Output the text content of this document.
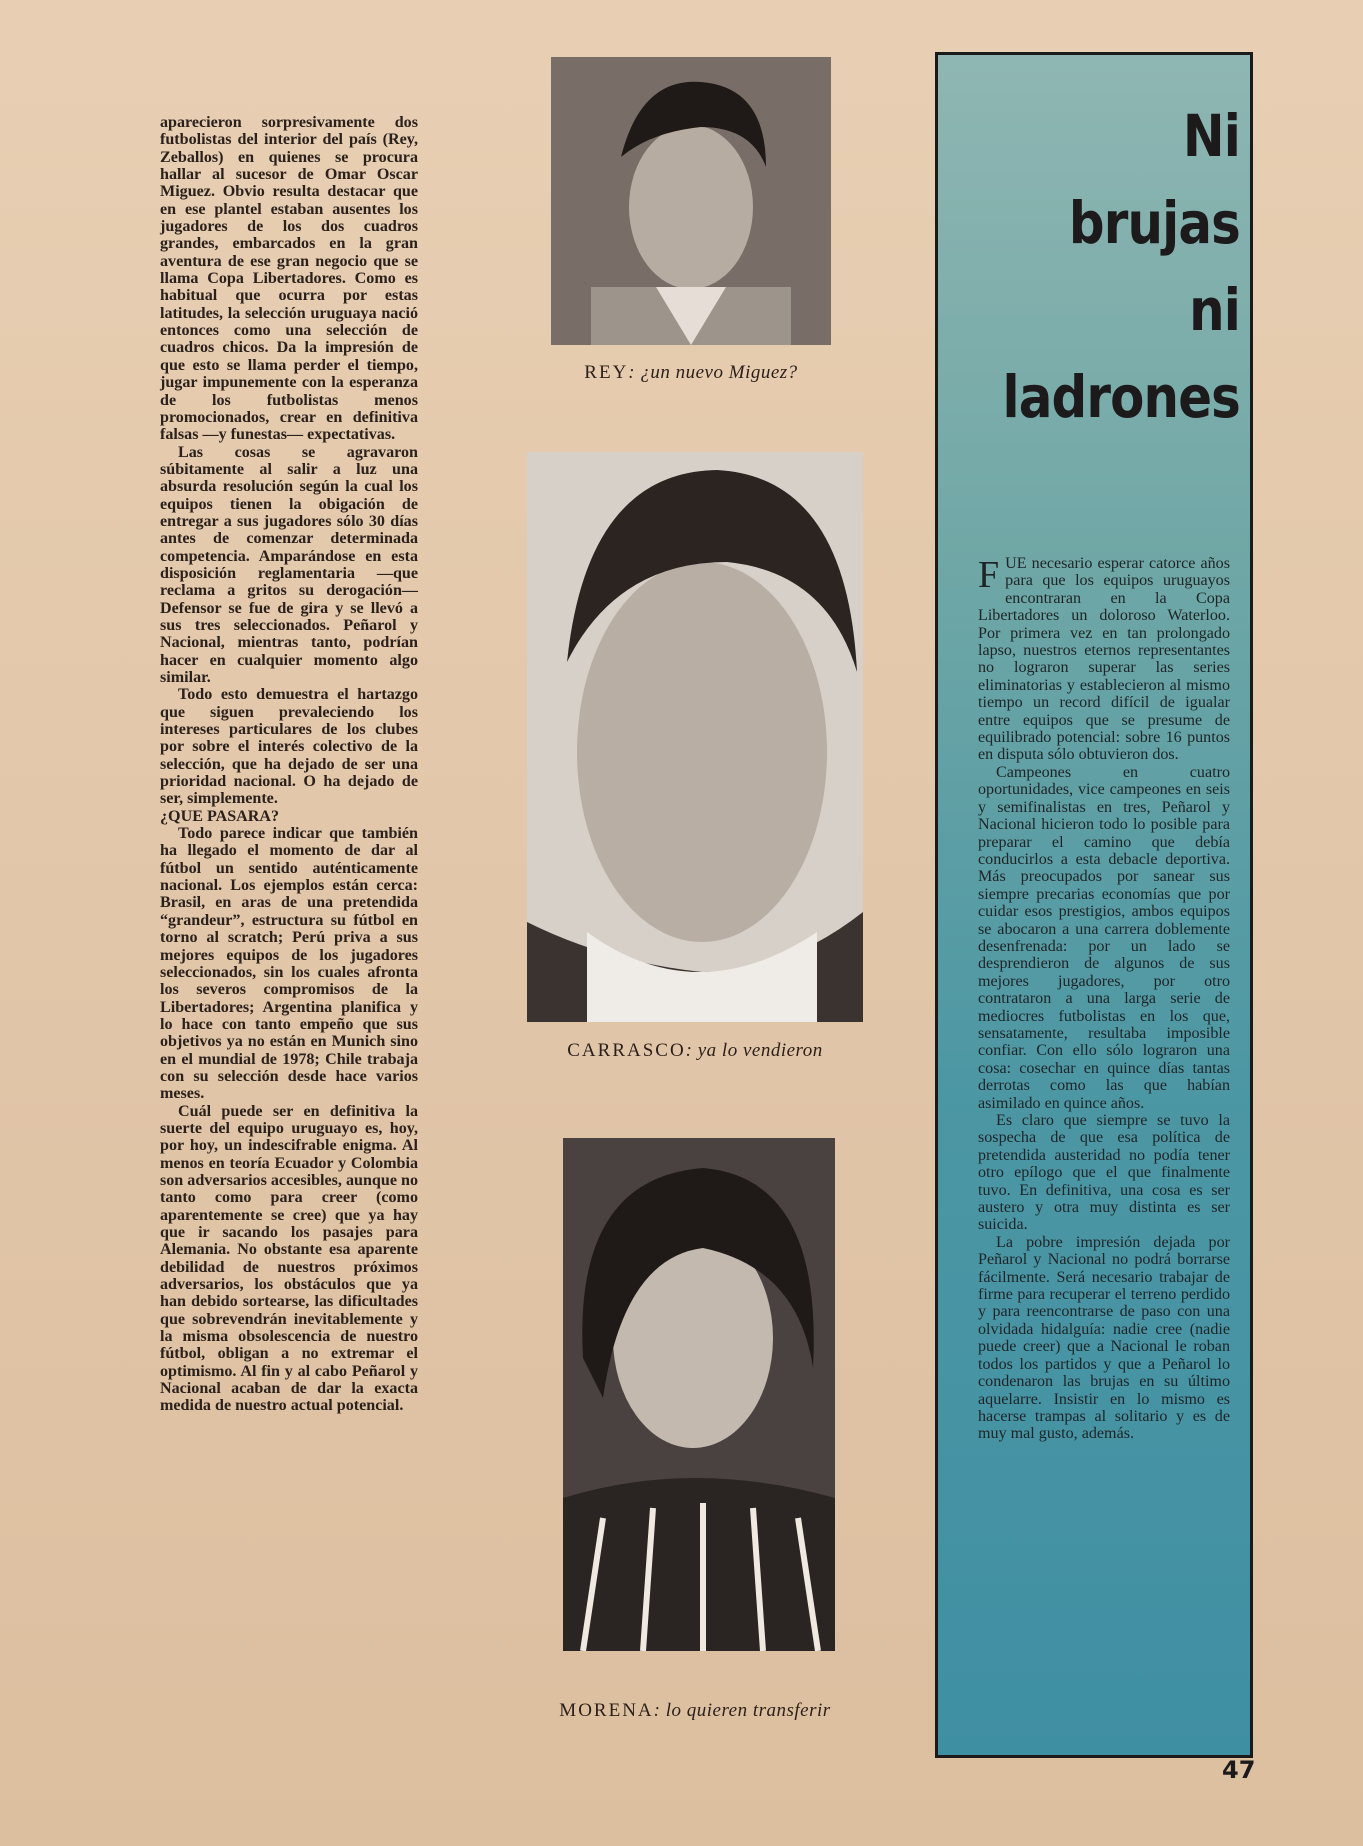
aparecieron sorpresivamente dos futbolistas del interior del país (Rey, Zeballos) en quienes se procura hallar al sucesor de Omar Oscar Miguez. Obvio resulta destacar que en ese plantel estaban ausentes los jugadores de los dos cuadros grandes, embarcados en la gran aventura de ese gran negocio que se llama Copa Libertadores. Como es habitual que ocurra por estas latitudes, la selección uruguaya nació entonces como una selección de cuadros chicos. Da la impresión de que esto se llama perder el tiempo, jugar impunemente con la esperanza de los futbolistas menos promocionados, crear en definitiva falsas —y funestas— expectativas.

Las cosas se agravaron súbitamente al salir a luz una absurda resolución según la cual los equipos tienen la obigación de entregar a sus jugadores sólo 30 días antes de comenzar determinada competencia. Amparándose en esta disposición reglamentaria —que reclama a gritos su derogación— Defensor se fue de gira y se llevó a sus tres seleccionados. Peñarol y Nacional, mientras tanto, podrían hacer en cualquier momento algo similar.

Todo esto demuestra el hartazgo que siguen prevaleciendo los intereses particulares de los clubes por sobre el interés colectivo de la selección, que ha dejado de ser una prioridad nacional. O ha dejado de ser, simplemente.

¿QUE PASARA?

Todo parece indicar que también ha llegado el momento de dar al fútbol un sentido auténticamente nacional. Los ejemplos están cerca: Brasil, en aras de una pretendida “grandeur”, estructura su fútbol en torno al scratch; Perú priva a sus mejores equipos de los jugadores seleccionados, sin los cuales afronta los severos compromisos de la Libertadores; Argentina planifica y lo hace con tanto empeño que sus objetivos ya no están en Munich sino en el mundial de 1978; Chile trabaja con su selección desde hace varios meses.

Cuál puede ser en definitiva la suerte del equipo uruguayo es, hoy, por hoy, un indescifrable enigma. Al menos en teoría Ecuador y Colombia son adversarios accesibles, aunque no tanto como para creer (como aparentemente se cree) que ya hay que ir sacando los pasajes para Alemania. No obstante esa aparente debilidad de nuestros próximos adversarios, los obstáculos que ya han debido sortearse, las dificultades que sobrevendrán inevitablemente y la misma obsolescencia de nuestro fútbol, obligan a no extremar el optimismo. Al fin y al cabo Peñarol y Nacional acaban de dar la exacta medida de nuestro actual potencial.

REY: ¿un nuevo Miguez?
CARRASCO: ya lo vendieron
MORENA: lo quieren transferir
Ni
brujas
ni
ladrones

FUE necesario esperar catorce años para que los equipos uruguayos encontraran en la Copa Libertadores un doloroso Waterloo. Por primera vez en tan prolongado lapso, nuestros eternos representantes no lograron superar las series eliminatorias y establecieron al mismo tiempo un record difícil de igualar entre equipos que se presume de equilibrado potencial: sobre 16 puntos en disputa sólo obtuvieron dos.

Campeones en cuatro oportunidades, vice campeones en seis y semifinalistas en tres, Peñarol y Nacional hicieron todo lo posible para preparar el camino que debía conducirlos a esta debacle deportiva. Más preocupados por sanear sus siempre precarias economías que por cuidar esos prestigios, ambos equipos se abocaron a una carrera doblemente desenfrenada: por un lado se desprendieron de algunos de sus mejores jugadores, por otro contrataron a una larga serie de mediocres futbolistas en los que, sensatamente, resultaba imposible confiar. Con ello sólo lograron una cosa: cosechar en quince días tantas derrotas como las que habían asimilado en quince años.

Es claro que siempre se tuvo la sospecha de que esa política de pretendida austeridad no podía tener otro epílogo que el que finalmente tuvo. En definitiva, una cosa es ser austero y otra muy distinta es ser suicida.

La pobre impresión dejada por Peñarol y Nacional no podrá borrarse fácilmente. Será necesario trabajar de firme para recuperar el terreno perdido y para reencontrarse de paso con una olvidada hidalguía: nadie cree (nadie puede creer) que a Nacional le roban todos los partidos y que a Peñarol lo condenaron las brujas en su último aquelarre. Insistir en lo mismo es hacerse trampas al solitario y es de muy mal gusto, además.

47
